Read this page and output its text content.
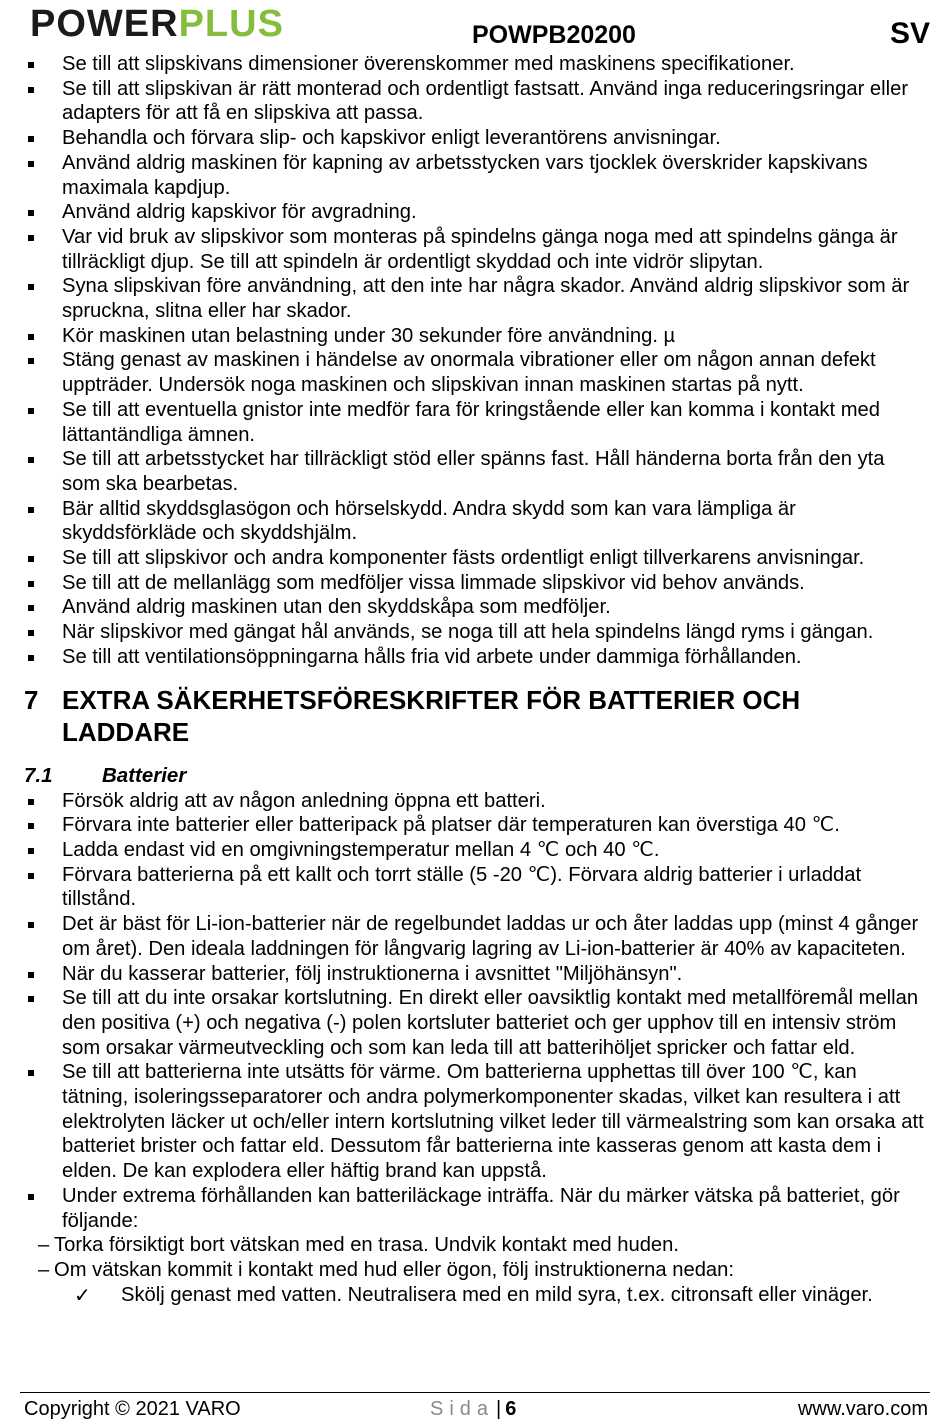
POWERPLUS	POWPB20200	SV
Se till att slipskivans dimensioner överenskommer med maskinens specifikationer.
Se till att slipskivan är rätt monterad och ordentligt fastsatt. Använd inga reduceringsringar eller adapters för att få en slipskiva att passa.
Behandla och förvara slip- och kapskivor enligt leverantörens anvisningar.
Använd aldrig maskinen för kapning av arbetsstycken vars tjocklek överskrider kapskivans maximala kapdjup.
Använd aldrig kapskivor för avgradning.
Var vid bruk av slipskivor som monteras på spindelns gänga noga med att spindelns gänga är tillräckligt djup. Se till att spindeln är ordentligt skyddad och inte vidrör slipytan.
Syna slipskivan före användning, att den inte har några skador. Använd aldrig slipskivor som är spruckna, slitna eller har skador.
Kör maskinen utan belastning under 30 sekunder före användning. µ
Stäng genast av maskinen i händelse av onormala vibrationer eller om någon annan defekt uppträder. Undersök noga maskinen och slipskivan innan maskinen startas på nytt.
Se till att eventuella gnistor inte medför fara för kringstående eller kan komma i kontakt med lättantändliga ämnen.
Se till att arbetsstycket har tillräckligt stöd eller spänns fast. Håll händerna borta från den yta som ska bearbetas.
Bär alltid skyddsglasögon och hörselskydd. Andra skydd som kan vara lämpliga är skyddsförkläde och skyddshjälm.
Se till att slipskivor och andra komponenter fästs ordentligt enligt tillverkarens anvisningar.
Se till att de mellanlägg som medföljer vissa limmade slipskivor vid behov används.
Använd aldrig maskinen utan den skyddskåpa som medföljer.
När slipskivor med gängat hål används, se noga till att hela spindelns längd ryms i gängan.
Se till att ventilationsöppningarna hålls fria vid arbete under dammiga förhållanden.
7 EXTRA SÄKERHETSFÖRESKRIFTER FÖR BATTERIER OCH LADDARE
7.1 Batterier
Försök aldrig att av någon anledning öppna ett batteri.
Förvara inte batterier eller batteripack på platser där temperaturen kan överstiga 40 ℃.
Ladda endast vid en omgivningstemperatur mellan 4 ℃ och 40 ℃.
Förvara batterierna på ett kallt och torrt ställe (5 -20 ℃). Förvara aldrig batterier i urladdat tillstånd.
Det är bäst för Li-ion-batterier när de regelbundet laddas ur och åter laddas upp (minst 4 gånger om året). Den ideala laddningen för långvarig lagring av Li-ion-batterier är 40% av kapaciteten.
När du kasserar batterier, följ instruktionerna i avsnittet "Miljöhänsyn".
Se till att du inte orsakar kortslutning. En direkt eller oavsiktlig kontakt med metallföremål mellan den positiva (+) och negativa (-) polen kortsluter batteriet och ger upphov till en intensiv ström som orsakar värmeutveckling och som kan leda till att batterihöljet spricker och fattar eld.
Se till att batterierna inte utsätts för värme. Om batterierna upphettas till över 100 ℃, kan tätning, isoleringsseparatorer och andra polymerkomponenter skadas, vilket kan resultera i att elektrolyten läcker ut och/eller intern kortslutning vilket leder till värmealstring som kan orsaka att batteriet brister och fattar eld. Dessutom får batterierna inte kasseras genom att kasta dem i elden. De kan explodera eller häftig brand kan uppstå.
Under extrema förhållanden kan batteriläckage inträffa. När du märker vätska på batteriet, gör följande:
– Torka försiktigt bort vätskan med en trasa. Undvik kontakt med huden.
– Om vätskan kommit i kontakt med hud eller ögon, följ instruktionerna nedan:
✓ Skölj genast med vatten. Neutralisera med en mild syra, t.ex. citronsaft eller vinäger.
Copyright © 2021 VARO	Sida | 6	www.varo.com
